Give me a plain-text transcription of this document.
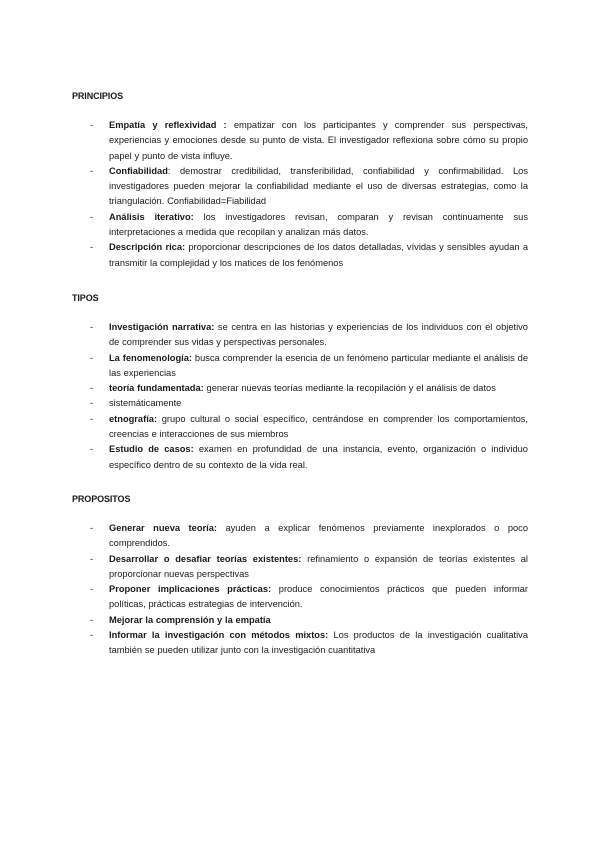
PRINCIPIOS
- Empatía y reflexividad : empatizar con los participantes y comprender sus perspectivas, experiencias y emociones desde su punto de vista. El investigador reflexiona sobre cómo su propio papel y punto de vista influye.
- Confiabilidad: demostrar credibilidad, transferibilidad, confiabilidad y confirmabilidad. Los investigadores pueden mejorar la confiabilidad mediante el uso de diversas estrategias, como la triangulación. Confiabilidad=Fiabilidad
- Análisis iterativo: los investigadores revisan, comparan y revisan continuamente sus interpretaciones a medida que recopilan y analizan más datos.
- Descripción rica: proporcionar descripciones de los datos detalladas, vívidas y sensibles ayudan a transmitir la complejidad y los matices de los fenómenos
TIPOS
- Investigación narrativa: se centra en las historias y experiencias de los individuos con el objetivo de comprender sus vidas y perspectivas personales.
- La fenomenología: busca comprender la esencia de un fenómeno particular mediante el análisis de las experiencias
- teoría fundamentada: generar nuevas teorías mediante la recopilación y el análisis de datos
- sistemáticamente
- etnografía: grupo cultural o social específico, centrándose en comprender los comportamientos, creencias e interacciones de sus miembros
- Estudio de casos: examen en profundidad de una instancia, evento, organización o individuo específico dentro de su contexto de la vida real.
PROPOSITOS
- Generar nueva teoría: ayuden a explicar fenómenos previamente inexplorados o poco comprendidos.
- Desarrollar o desafiar teorías existentes: refinamiento o expansión de teorías existentes al proporcionar nuevas perspectivas
- Proponer implicaciones prácticas: produce conocimientos prácticos que pueden informar políticas, prácticas estrategias de intervención.
- Mejorar la comprensión y la empatía
- Informar la investigación con métodos mixtos: Los productos de la investigación cualitativa también se pueden utilizar junto con la investigación cuantitativa
